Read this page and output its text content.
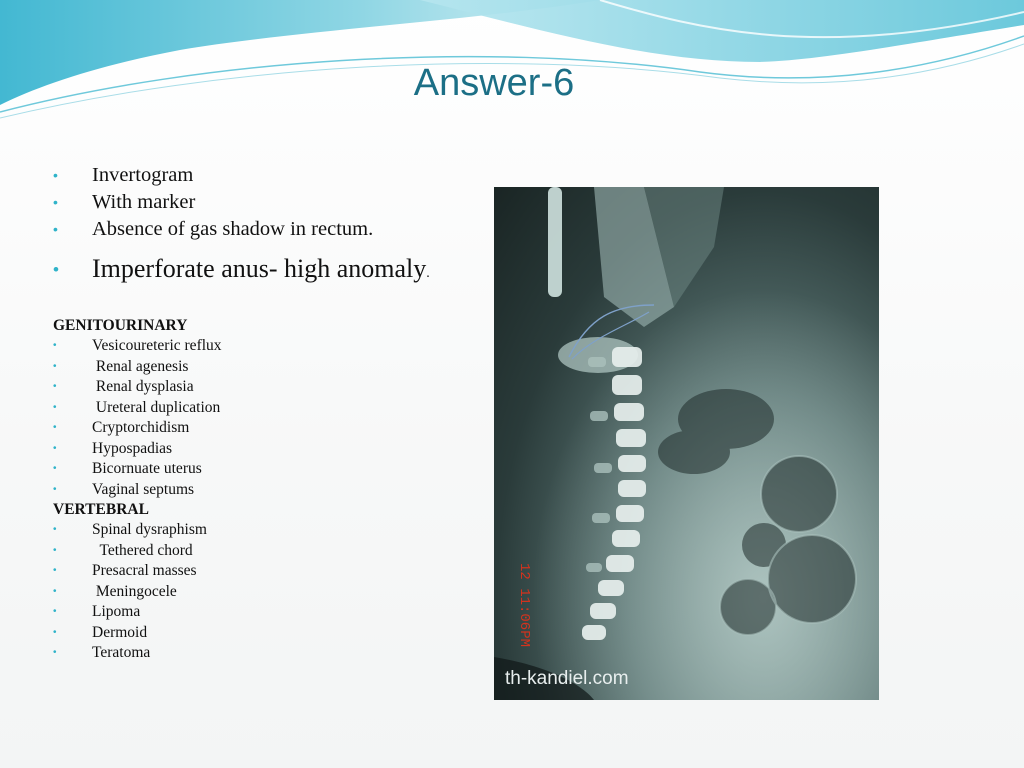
Answer-6
• Invertogram
• With marker
• Absence of gas shadow in rectum.
• Imperforate anus- high anomaly.
GENITOURINARY
• Vesicoureteric reflux
• Renal agenesis
• Renal dysplasia
• Ureteral duplication
• Cryptorchidism
• Hypospadias
• Bicornuate uterus
• Vaginal septums
VERTEBRAL
• Spinal dysraphism
• Tethered chord
• Presacral masses
• Meningocele
• Lipoma
• Dermoid
• Teratoma
12 11:06PM
th-kandiel.com
